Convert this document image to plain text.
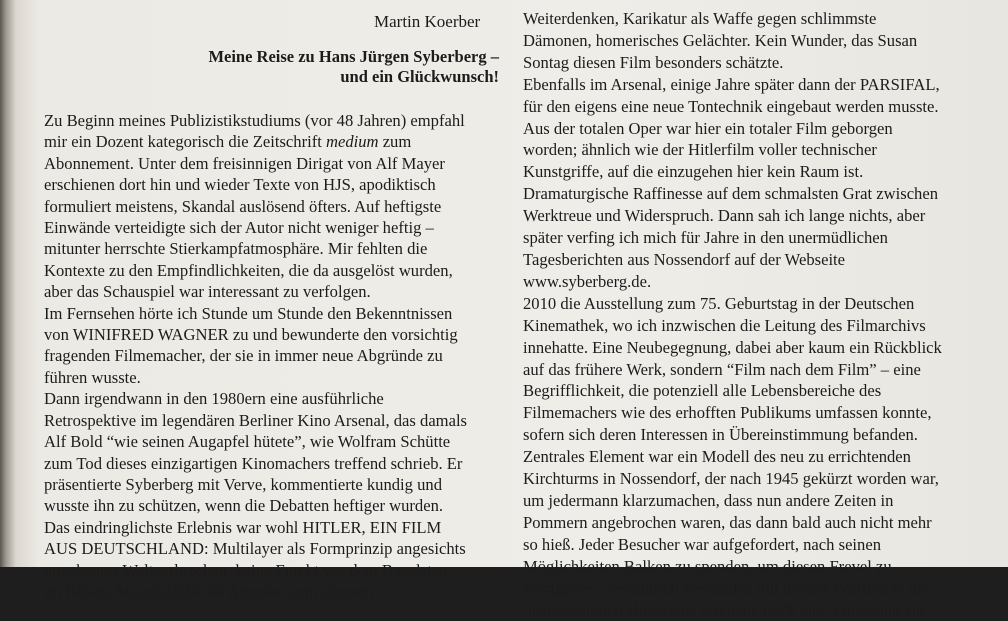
Martin Koerber
Meine Reise zu Hans Jürgen Syberberg –
und ein Glückwunsch!
Zu Beginn meines Publizistikstudiums (vor 48 Jahren) empfahl
mir ein Dozent kategorisch die Zeitschrift medium zum
Abonnement. Unter dem freisinnigen Dirigat von Alf Mayer
erschienen dort hin und wieder Texte von HJS, apodiktisch
formuliert meistens, Skandal auslösend öfters. Auf heftigste
Einwände verteidigte sich der Autor nicht weniger heftig –
mitunter herrschte Stierkampfatmosphäre. Mir fehlten die
Kontexte zu den Empfindlichkeiten, die da ausgelöst wurden,
aber das Schauspiel war interessant zu verfolgen.
Im Fernsehen hörte ich Stunde um Stunde den Bekenntnissen
von WINIFRED WAGNER zu und bewunderte den vorsichtig
fragenden Filmemacher, der sie in immer neue Abgründe zu
führen wusste.
Dann irgendwann in den 1980ern eine ausführliche
Retrospektive im legendären Berliner Kino Arsenal, das damals
Alf Bold “wie seinen Augapfel hütete”, wie Wolfram Schütte
zum Tod dieses einzigartigen Kinomachers treffend schrieb. Er
präsentierte Syberberg mit Verve, kommentierte kundig und
wusste ihn zu schützen, wenn die Debatten heftiger wurden.
Das eindringlichste Erlebnis war wohl HITLER, EIN FILM
AUS DEUTSCHLAND: Multilayer als Formprinzip angesichts
ungeheurer Weltverbrechen, keine Furcht vor dem Banalsten
im Bösen, Materialfülle als Angebot zum eigenen
Weiterdenken, Karikatur als Waffe gegen schlimmste
Dämonen, homerisches Gelächter. Kein Wunder, das Susan
Sontag diesen Film besonders schätzte.
Ebenfalls im Arsenal, einige Jahre später dann der PARSIFAL,
für den eigens eine neue Tontechnik eingebaut werden musste.
Aus der totalen Oper war hier ein totaler Film geborgen
worden; ähnlich wie der Hitlerfilm voller technischer
Kunstgriffe, auf die einzugehen hier kein Raum ist.
Dramaturgische Raffinesse auf dem schmalsten Grat zwischen
Werktreue und Widerspruch. Dann sah ich lange nichts, aber
später verfing ich mich für Jahre in den unermüdlichen
Tagesberichten aus Nossendorf auf der Webseite
www.syberberg.de.
2010 die Ausstellung zum 75. Geburtstag in der Deutschen
Kinemathek, wo ich inzwischen die Leitung des Filmarchivs
innehatte. Eine Neubegegnung, dabei aber kaum ein Rückblick
auf das frühere Werk, sondern “Film nach dem Film” – eine
Begrifflichkeit, die potenziell alle Lebensbereiche des
Filmemachers wie des erhofften Publikums umfassen konnte,
sofern sich deren Interessen in Übereinstimmung befanden.
Zentrales Element war ein Modell des neu zu errichtenden
Kirchturms in Nossendorf, der nach 1945 gekürzt worden war,
um jedermann klarzumachen, dass nun andere Zeiten in
Pommern angebrochen waren, das dann bald auch nicht mehr
so hieß. Jeder Besucher war aufgefordert, nach seinen
Möglichkeiten Balken zu spenden, um diesen Frevel zu
korrigieren. Vermutlich verbunden mit meiner Position in der
institutionellen Hierarchie erreichte mich eine Einladung zur
